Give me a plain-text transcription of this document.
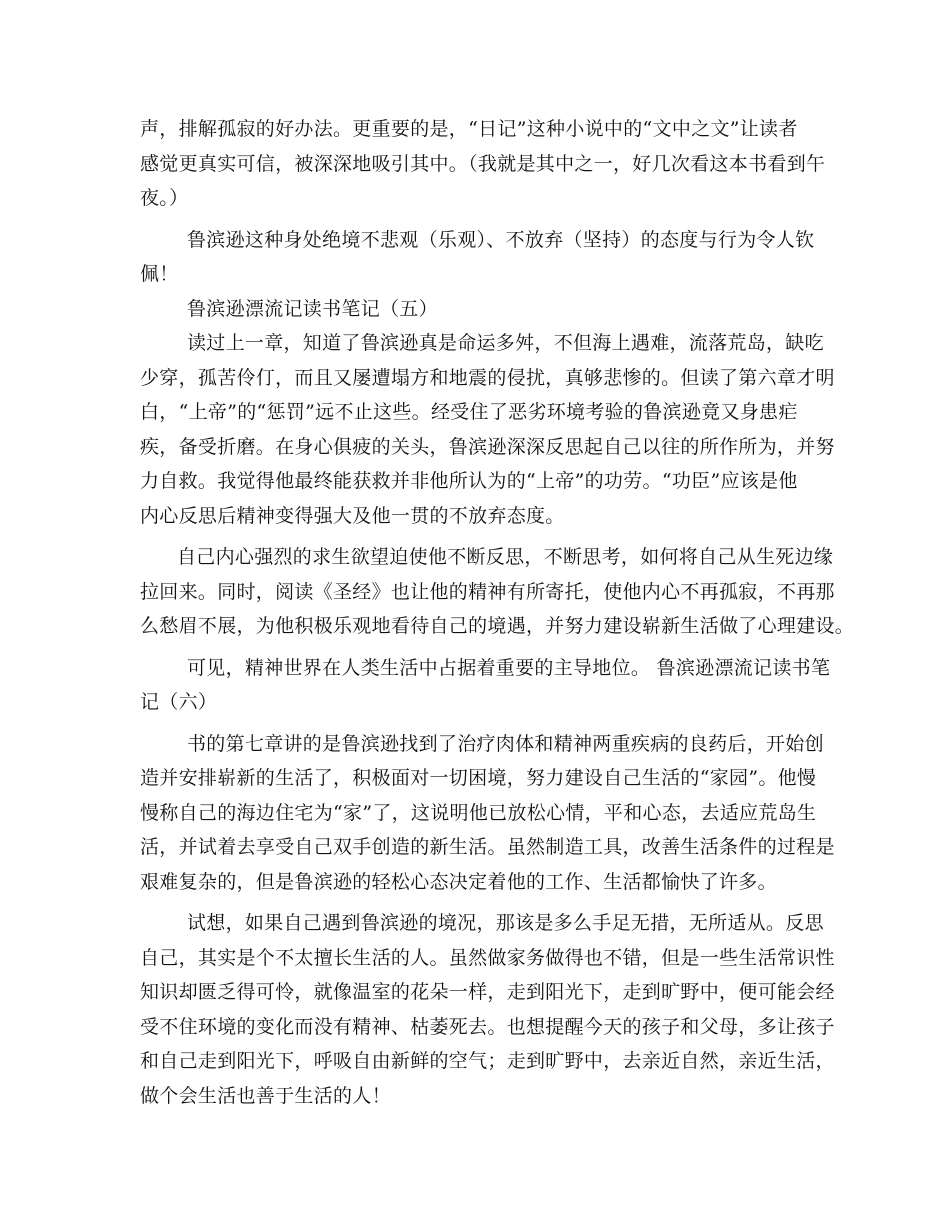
声，排解孤寂的好办法。更重要的是，“日记”这种小说中的“文中之文”让读者
感觉更真实可信，被深深地吸引其中。（我就是其中之一，好几次看这本书看到午
夜。）
鲁滨逊这种身处绝境不悲观（乐观）、不放弃（坚持）的态度与行为令人钦
佩！
鲁滨逊漂流记读书笔记（五）
读过上一章，知道了鲁滨逊真是命运多舛，不但海上遇难，流落荒岛，缺吃
少穿，孤苦伶仃，而且又屡遭塌方和地震的侵扰，真够悲惨的。但读了第六章才明
白，“上帝”的“惩罚”远不止这些。经受住了恶劣环境考验的鲁滨逊竟又身患疟
疾，备受折磨。在身心俱疲的关头，鲁滨逊深深反思起自己以往的所作所为，并努
力自救。我觉得他最终能获救并非他所认为的“上帝”的功劳。“功臣”应该是他
内心反思后精神变得强大及他一贯的不放弃态度。
自己内心强烈的求生欲望迫使他不断反思，不断思考，如何将自己从生死边缘
拉回来。同时，阅读《圣经》也让他的精神有所寄托，使他内心不再孤寂，不再那
么愁眉不展，为他积极乐观地看待自己的境遇，并努力建设崭新生活做了心理建设。
可见，精神世界在人类生活中占据着重要的主导地位。 鲁滨逊漂流记读书笔
记（六）
书的第七章讲的是鲁滨逊找到了治疗肉体和精神两重疾病的良药后，开始创
造并安排崭新的生活了，积极面对一切困境，努力建设自己生活的“家园”。他慢
慢称自己的海边住宅为“家”了，这说明他已放松心情，平和心态，去适应荒岛生
活，并试着去享受自己双手创造的新生活。虽然制造工具，改善生活条件的过程是
艰难复杂的，但是鲁滨逊的轻松心态决定着他的工作、生活都愉快了许多。
试想，如果自己遇到鲁滨逊的境况，那该是多么手足无措，无所适从。反思
自己，其实是个不太擅长生活的人。虽然做家务做得也不错，但是一些生活常识性
知识却匮乏得可怜，就像温室的花朵一样，走到阳光下，走到旷野中，便可能会经
受不住环境的变化而没有精神、枯萎死去。也想提醒今天的孩子和父母，多让孩子
和自己走到阳光下，呼吸自由新鲜的空气；走到旷野中，去亲近自然，亲近生活，
做个会生活也善于生活的人！
